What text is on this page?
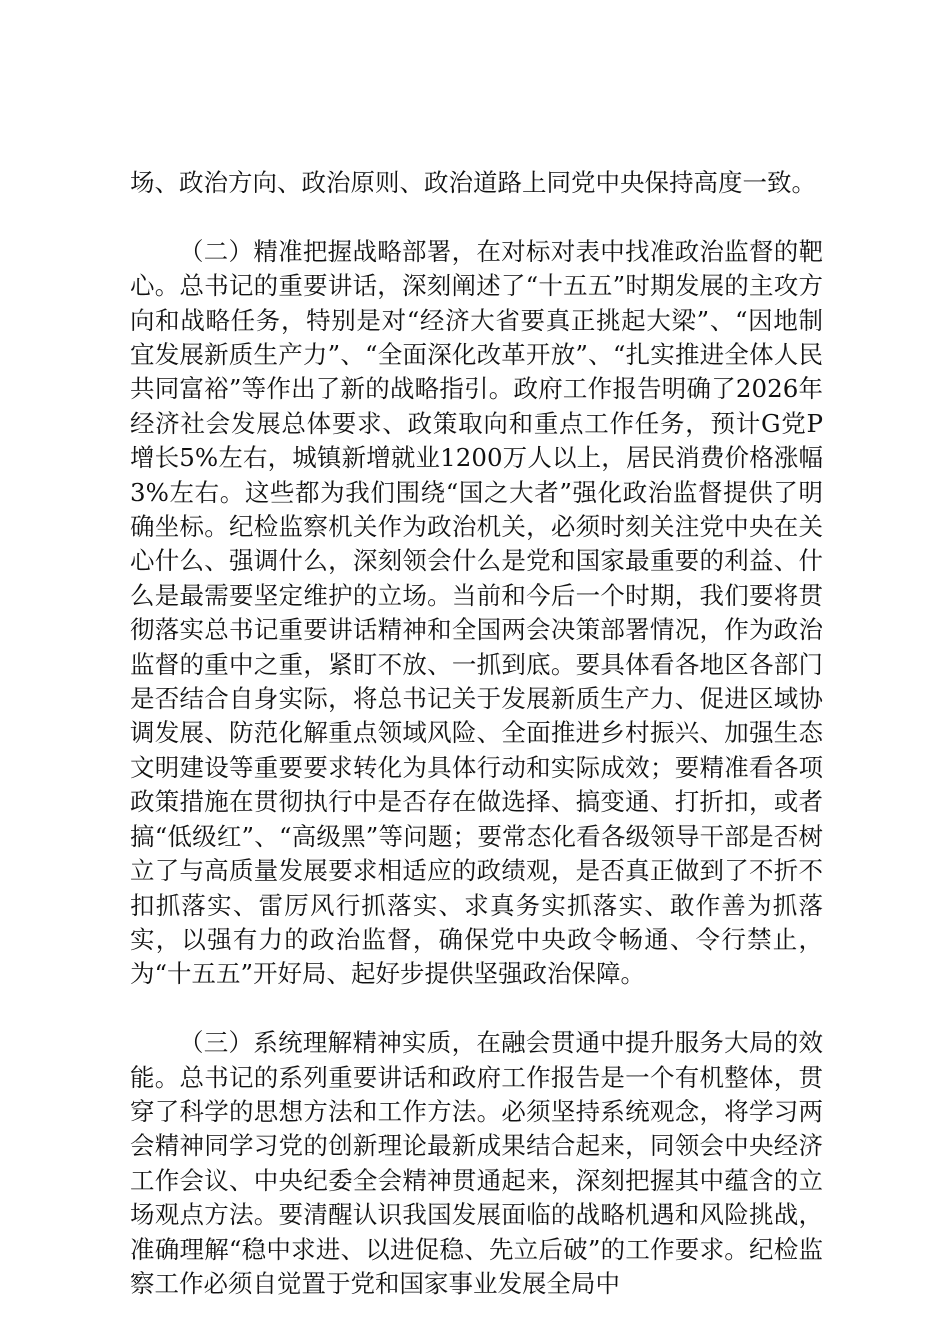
场、政治方向、政治原则、政治道路上同党中央保持高度一致。

（二）精准把握战略部署，在对标对表中找准政治监督的靶心。总书记的重要讲话，深刻阐述了“十五五”时期发展的主攻方向和战略任务，特别是对“经济大省要真正挑起大梁”、“因地制宜发展新质生产力”、“全面深化改革开放”、“扎实推进全体人民共同富裕”等作出了新的战略指引。政府工作报告明确了2026年经济社会发展总体要求、政策取向和重点工作任务，预计G党P增长5%左右，城镇新增就业1200万人以上，居民消费价格涨幅3%左右。这些都为我们围绕“国之大者”强化政治监督提供了明确坐标。纪检监察机关作为政治机关，必须时刻关注党中央在关心什么、强调什么，深刻领会什么是党和国家最重要的利益、什么是最需要坚定维护的立场。当前和今后一个时期，我们要将贯彻落实总书记重要讲话精神和全国两会决策部署情况，作为政治监督的重中之重，紧盯不放、一抓到底。要具体看各地区各部门是否结合自身实际，将总书记关于发展新质生产力、促进区域协调发展、防范化解重点领域风险、全面推进乡村振兴、加强生态文明建设等重要要求转化为具体行动和实际成效；要精准看各项政策措施在贯彻执行中是否存在做选择、搞变通、打折扣，或者搞“低级红”、“高级黑”等问题；要常态化看各级领导干部是否树立了与高质量发展要求相适应的政绩观，是否真正做到了不折不扣抓落实、雷厉风行抓落实、求真务实抓落实、敢作善为抓落实，以强有力的政治监督，确保党中央政令畅通、令行禁止，为“十五五”开好局、起好步提供坚强政治保障。

（三）系统理解精神实质，在融会贯通中提升服务大局的效能。总书记的系列重要讲话和政府工作报告是一个有机整体，贯穿了科学的思想方法和工作方法。必须坚持系统观念，将学习两会精神同学习党的创新理论最新成果结合起来，同领会中央经济工作会议、中央纪委全会精神贯通起来，深刻把握其中蕴含的立场观点方法。要清醒认识我国发展面临的战略机遇和风险挑战，准确理解“稳中求进、以进促稳、先立后破”的工作要求。纪检监察工作必须自觉置于党和国家事业发展全局中
